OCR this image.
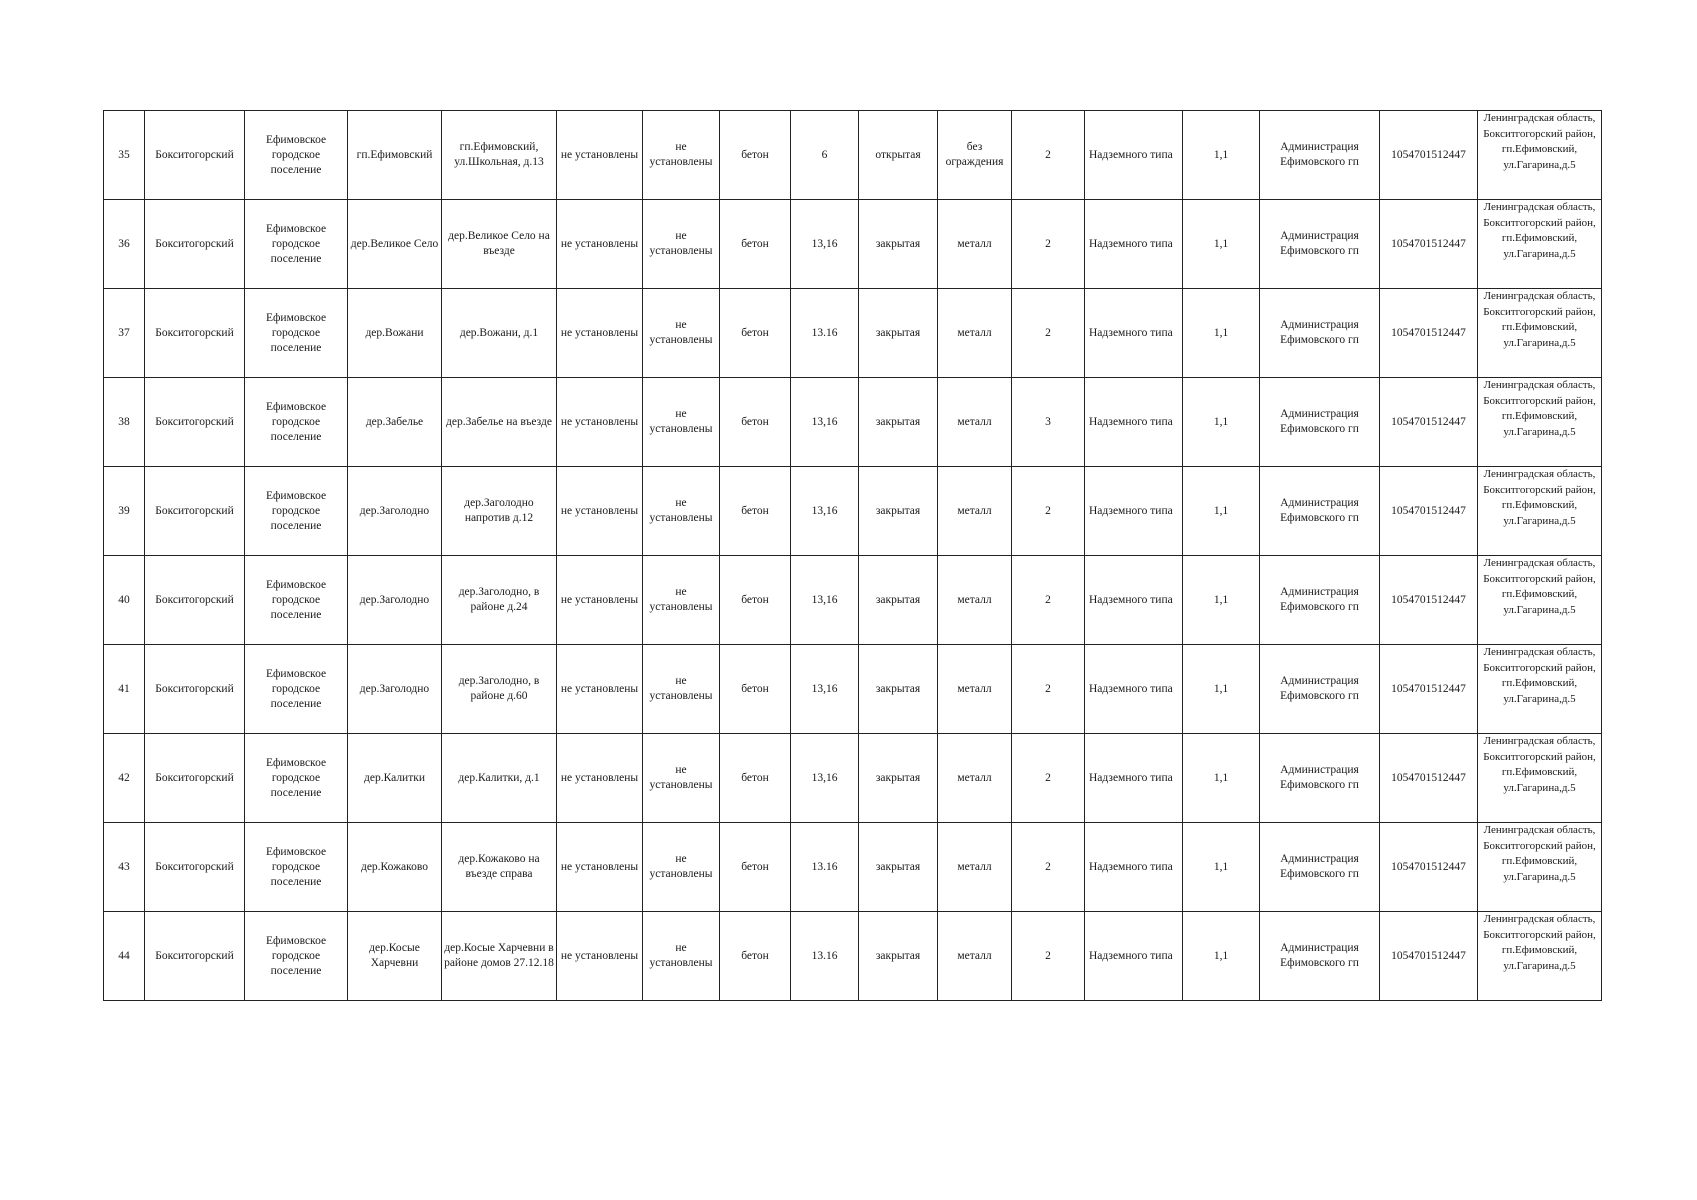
35	Бокситогорский	Ефимовское городское поселение	гп.Ефимовский	гп.Ефимовский, ул.Школьная, д.13	не установлены	не установлены	бетон	6	открытая	без ограждения	2	Надземного типа	1,1	Администрация Ефимовского гп	1054701512447	Ленинградская область, Бокситгогорский район, гп.Ефимовский, ул.Гагарина,д.5
36	Бокситогорский	Ефимовское городское поселение	дер.Великое Село	дер.Великое Село на въезде	не установлены	не установлены	бетон	13,16	закрытая	металл	2	Надземного типа	1,1	Администрация Ефимовского гп	1054701512447	Ленинградская область, Бокситгогорский район, гп.Ефимовский, ул.Гагарина,д.5
37	Бокситогорский	Ефимовское городское поселение	дер.Вожани	дер.Вожани, д.1	не установлены	не установлены	бетон	13.16	закрытая	металл	2	Надземного типа	1,1	Администрация Ефимовского гп	1054701512447	Ленинградская область, Бокситгогорский район, гп.Ефимовский, ул.Гагарина,д.5
38	Бокситогорский	Ефимовское городское поселение	дер.Забелье	дер.Забелье на въезде	не установлены	не установлены	бетон	13,16	закрытая	металл	3	Надземного типа	1,1	Администрация Ефимовского гп	1054701512447	Ленинградская область, Бокситгогорский район, гп.Ефимовский, ул.Гагарина,д.5
39	Бокситогорский	Ефимовское городское поселение	дер.Заголодно	дер.Заголодно напротив д.12	не установлены	не установлены	бетон	13,16	закрытая	металл	2	Надземного типа	1,1	Администрация Ефимовского гп	1054701512447	Ленинградская область, Бокситгогорский район, гп.Ефимовский, ул.Гагарина,д.5
40	Бокситогорский	Ефимовское городское поселение	дер.Заголодно	дер.Заголодно, в районе д.24	не установлены	не установлены	бетон	13,16	закрытая	металл	2	Надземного типа	1,1	Администрация Ефимовского гп	1054701512447	Ленинградская область, Бокситгогорский район, гп.Ефимовский, ул.Гагарина,д.5
41	Бокситогорский	Ефимовское городское поселение	дер.Заголодно	дер.Заголодно, в районе д.60	не установлены	не установлены	бетон	13,16	закрытая	металл	2	Надземного типа	1,1	Администрация Ефимовского гп	1054701512447	Ленинградская область, Бокситгогорский район, гп.Ефимовский, ул.Гагарина,д.5
42	Бокситогорский	Ефимовское городское поселение	дер.Калитки	дер.Калитки, д.1	не установлены	не установлены	бетон	13,16	закрытая	металл	2	Надземного типа	1,1	Администрация Ефимовского гп	1054701512447	Ленинградская область, Бокситгогорский район, гп.Ефимовский, ул.Гагарина,д.5
43	Бокситогорский	Ефимовское городское поселение	дер.Кожаково	дер.Кожаково на въезде справа	не установлены	не установлены	бетон	13.16	закрытая	металл	2	Надземного типа	1,1	Администрация Ефимовского гп	1054701512447	Ленинградская область, Бокситгогорский район, гп.Ефимовский, ул.Гагарина,д.5
44	Бокситогорский	Ефимовское городское поселение	дер.Косые Харчевни	дер.Косые Харчевни в районе домов 27.12.18	не установлены	не установлены	бетон	13.16	закрытая	металл	2	Надземного типа	1,1	Администрация Ефимовского гп	1054701512447	Ленинградская область, Бокситгогорский район, гп.Ефимовский, ул.Гагарина,д.5
